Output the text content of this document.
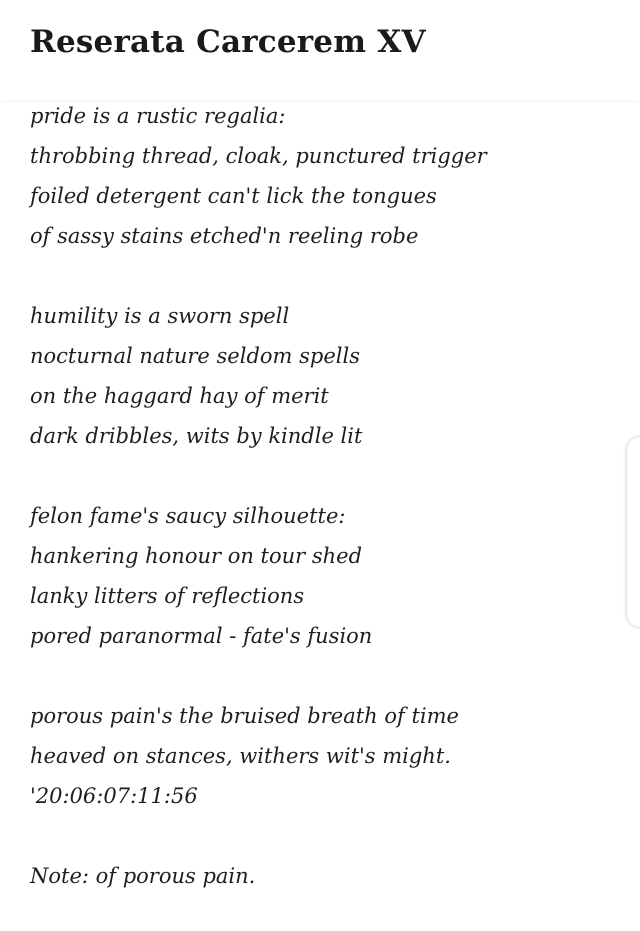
Reserata Carcerem XV
pride is a rustic regalia:
throbbing thread, cloak, punctured trigger
foiled detergent can't lick the tongues
of sassy stains etched'n reeling robe
humility is a sworn spell
nocturnal nature seldom spells
on the haggard hay of merit
dark dribbles, wits by kindle lit
felon fame's saucy silhouette:
hankering honour on tour shed
lanky litters of reflections
pored paranormal - fate's fusion
porous pain's the bruised breath of time
heaved on stances, withers wit's might.
'20:06:07:11:56
Note: of porous pain.
